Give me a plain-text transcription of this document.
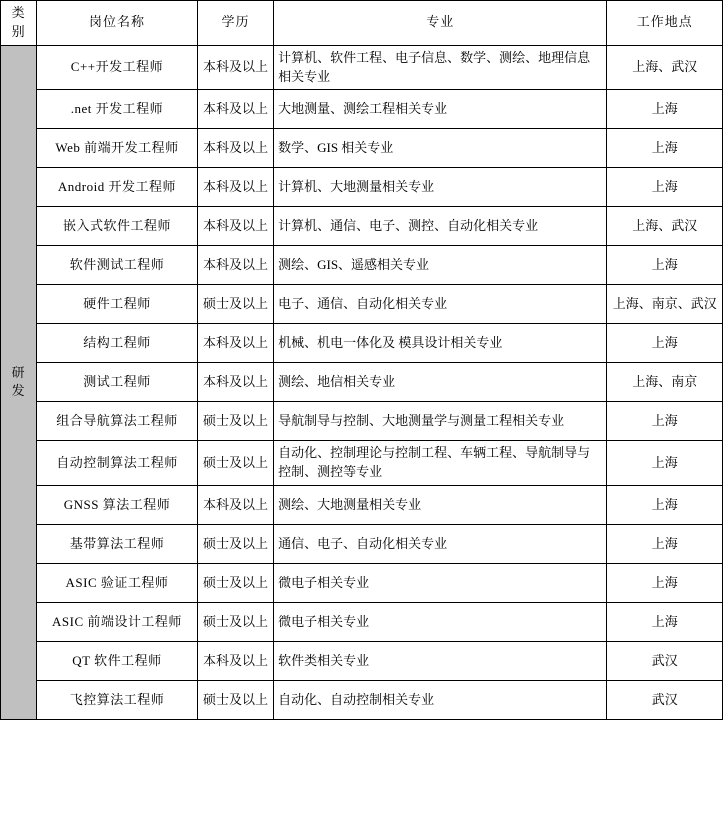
类别	岗位名称	学历	专业	工作地点

研发	C++开发工程师	本科及以上	计算机、软件工程、电子信息、数学、测绘、地理信息相关专业	上海、武汉
	.net 开发工程师	本科及以上	大地测量、测绘工程相关专业	上海
	Web 前端开发工程师	本科及以上	数学、GIS 相关专业	上海
	Android 开发工程师	本科及以上	计算机、大地测量相关专业	上海
	嵌入式软件工程师	本科及以上	计算机、通信、电子、测控、自动化相关专业	上海、武汉
	软件测试工程师	本科及以上	测绘、GIS、遥感相关专业	上海
	硬件工程师	硕士及以上	电子、通信、自动化相关专业	上海、南京、武汉
	结构工程师	本科及以上	机械、机电一体化及 模具设计相关专业	上海
	测试工程师	本科及以上	测绘、地信相关专业	上海、南京
	组合导航算法工程师	硕士及以上	导航制导与控制、大地测量学与测量工程相关专业	上海
	自动控制算法工程师	硕士及以上	自动化、控制理论与控制工程、车辆工程、导航制导与控制、测控等专业	上海
	GNSS 算法工程师	本科及以上	测绘、大地测量相关专业	上海
	基带算法工程师	硕士及以上	通信、电子、自动化相关专业	上海
	ASIC 验证工程师	硕士及以上	微电子相关专业	上海
	ASIC 前端设计工程师	硕士及以上	微电子相关专业	上海
	QT 软件工程师	本科及以上	软件类相关专业	武汉
	飞控算法工程师	硕士及以上	自动化、自动控制相关专业	武汉
